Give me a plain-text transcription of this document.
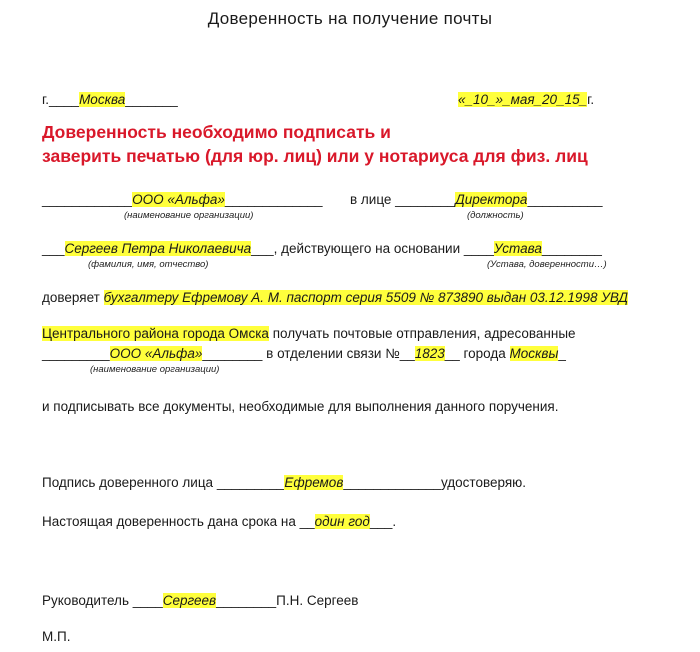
Доверенность на получение почты
г.____Москва_______	«_10_»_мая_20_15_г.
Доверенность необходимо подписать и
заверить печатью (для юр. лиц) или у нотариуса для физ. лиц
____________ООО «Альфа»_____________ в лице ________Директора__________
(наименование организации)	(должность)
___Сергеев Петра Николаевича___, действующего на основании ____Устава________
(фамилия, имя, отчество)	(Устава, доверенности…)
доверяет бухгалтеру Ефремову А. М. паспорт серия 5509 № 873890 выдан 03.12.1998 УВД
Центрального района города Омска получать почтовые отправления, адресованные
_________ООО «Альфа»________ в отделении связи №__1823__ города Москвы_
(наименование организации)
и подписывать все документы, необходимые для выполнения данного поручения.
Подпись доверенного лица _________Ефремов_____________удостоверяю.
Настоящая доверенность дана срока на __один год___.
Руководитель ____Сергеев________П.Н. Сергеев
М.П.
